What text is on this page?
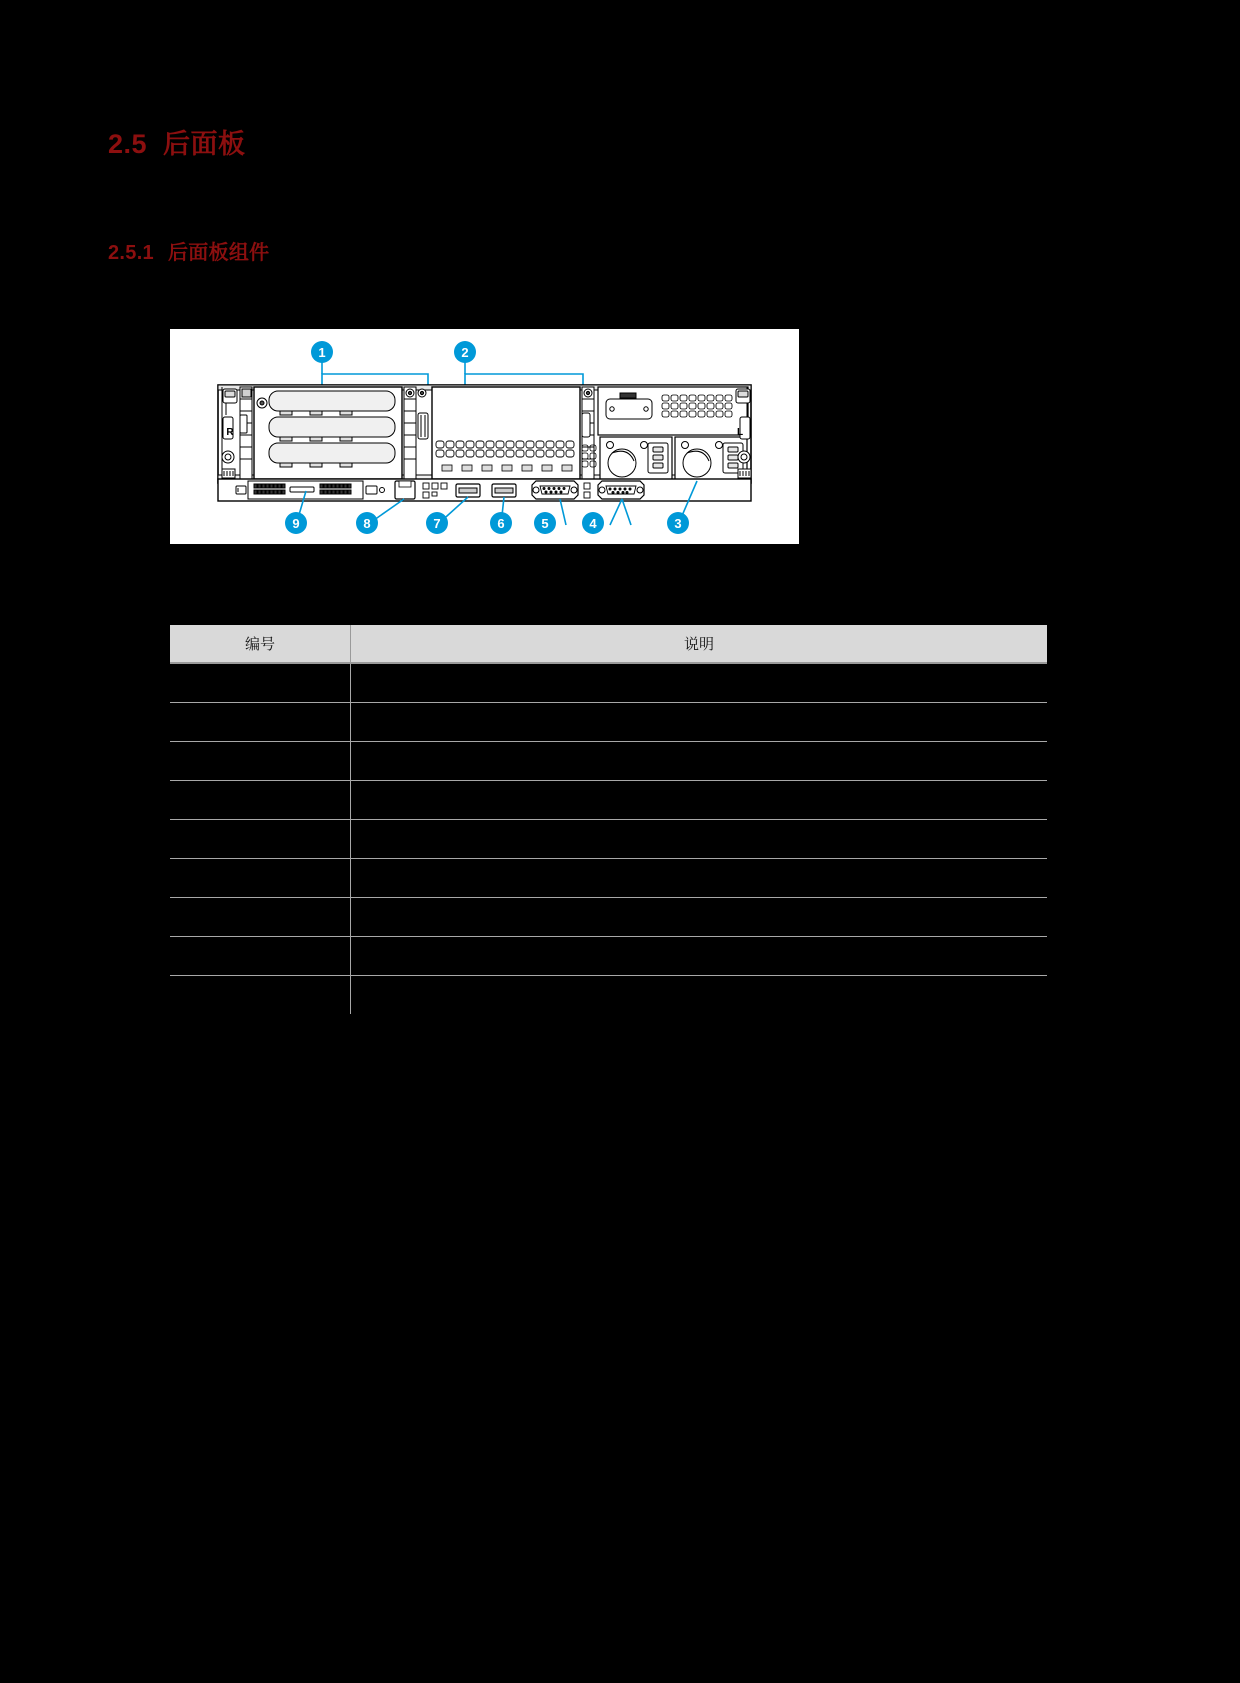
2.5 后面板
2.5.1 后面板组件
R	L
1	2
9	8	7	6	5	4	3
编号	说明
